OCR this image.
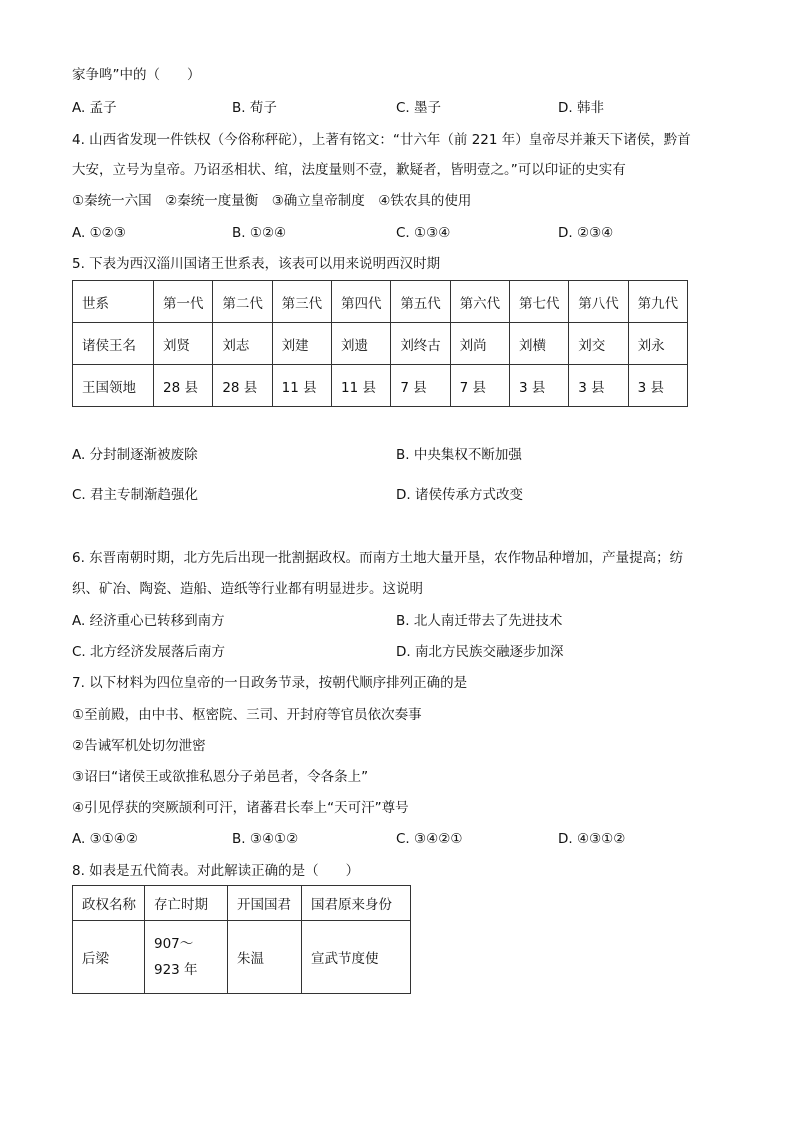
家争鸣”中的（　　）
A. 孟子	B. 荀子	C. 墨子	D. 韩非
4. 山西省发现一件铁权（今俗称秤砣），上著有铭文：“廿六年（前 221 年）皇帝尽并兼天下诸侯，黔首
大安，立号为皇帝。乃诏丞相状、绾，法度量则不壹，歉疑者，皆明壹之。”可以印证的史实有
①秦统一六国　②秦统一度量衡　③确立皇帝制度　④铁农具的使用
A. ①②③	B. ①②④	C. ①③④	D. ②③④
5. 下表为西汉淄川国诸王世系表，该表可以用来说明西汉时期
世系	第一代	第二代	第三代	第四代	第五代	第六代	第七代	第八代	第九代
诸侯王名	刘贤	刘志	刘建	刘遗	刘终古	刘尚	刘横	刘交	刘永
王国领地	28 县	28 县	11 县	11 县	7 县	7 县	3 县	3 县	3 县
A. 分封制逐渐被废除	B. 中央集权不断加强
C. 君主专制渐趋强化	D. 诸侯传承方式改变
6. 东晋南朝时期，北方先后出现一批割据政权。而南方土地大量开垦，农作物品种增加，产量提高；纺
织、矿冶、陶瓷、造船、造纸等行业都有明显进步。这说明
A. 经济重心已转移到南方	B. 北人南迁带去了先进技术
C. 北方经济发展落后南方	D. 南北方民族交融逐步加深
7. 以下材料为四位皇帝的一日政务节录，按朝代顺序排列正确的是
①至前殿，由中书、枢密院、三司、开封府等官员依次奏事
②告诫军机处切勿泄密
③诏曰“诸侯王或欲推私恩分子弟邑者，令各条上”
④引见俘获的突厥颉利可汗，诸蕃君长奉上“天可汗”尊号
A. ③①④②	B. ③④①②	C. ③④②①	D. ④③①②
8. 如表是五代简表。对此解读正确的是（　　）
政权名称	存亡时期	开国国君	国君原来身份
后梁	907～923 年	朱温	宣武节度使
